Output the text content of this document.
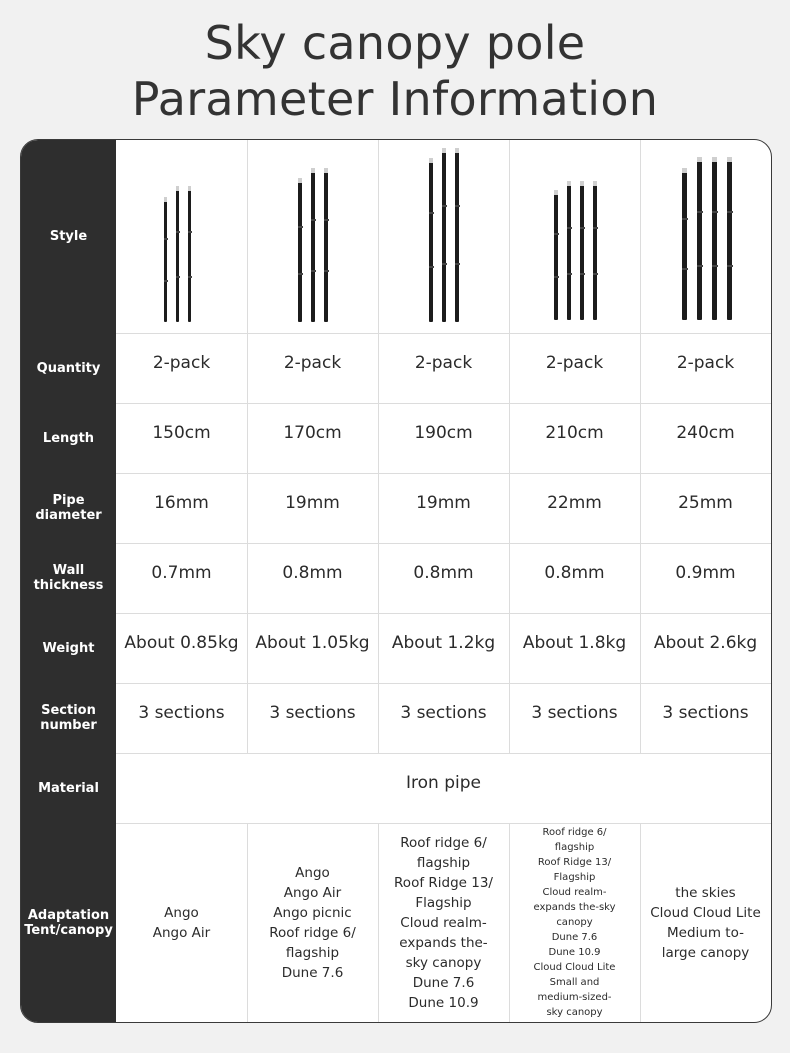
Sky canopy pole
Parameter Information
Style
Quantity
Length
Pipe
diameter
Wall
thickness
Weight
Section
number
Material
Adaptation
Tent/canopy
2-pack
150cm
16mm
0.7mm
About 0.85kg
3 sections
Ango
Ango Air
2-pack
170cm
19mm
0.8mm
About 1.05kg
3 sections
Ango
Ango Air
Ango picnic
Roof ridge 6/
flagship
Dune 7.6
2-pack
190cm
19mm
0.8mm
About 1.2kg
3 sections
Roof ridge 6/
flagship
Roof Ridge 13/
Flagship
Cloud realm-
expands the-
sky canopy
Dune 7.6
Dune 10.9
2-pack
210cm
22mm
0.8mm
About 1.8kg
3 sections
Roof ridge 6/
flagship
Roof Ridge 13/
Flagship
Cloud realm-
expands the-sky
canopy
Dune 7.6
Dune 10.9
Cloud Cloud Lite
Small and
medium-sized-
sky canopy
2-pack
240cm
25mm
0.9mm
About 2.6kg
3 sections
the skies
Cloud Cloud Lite
Medium to-
large canopy
Iron pipe
